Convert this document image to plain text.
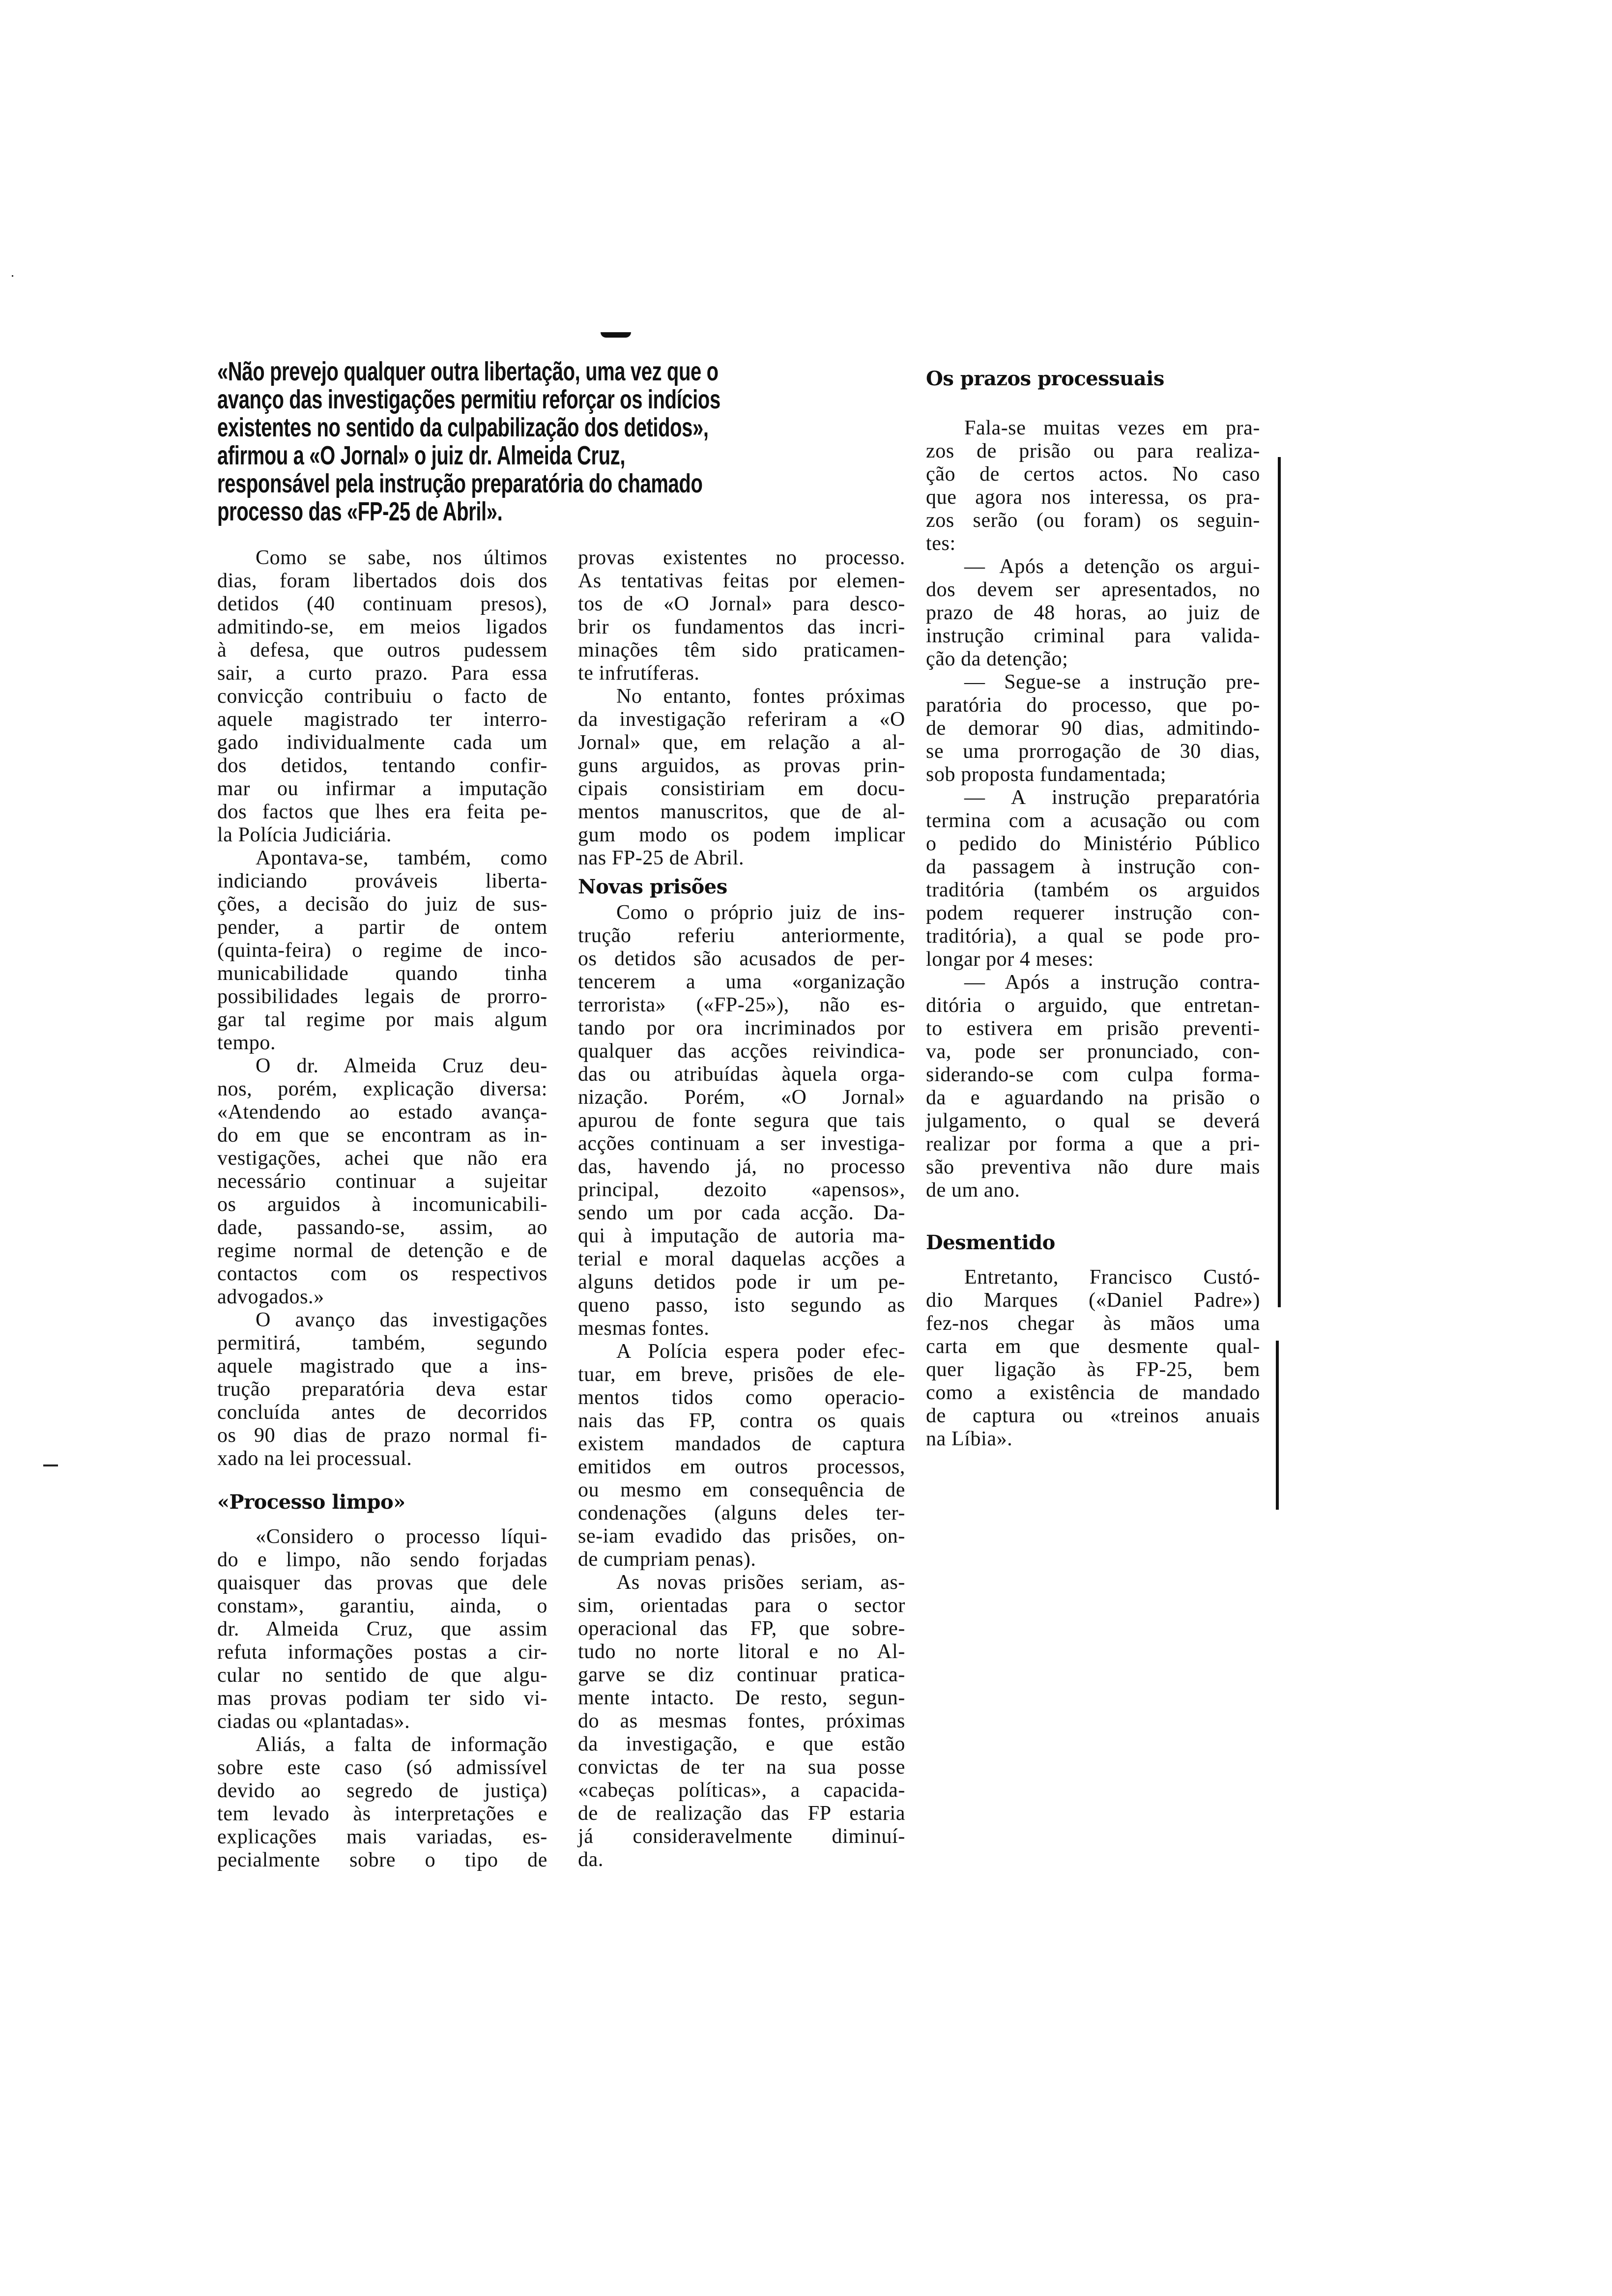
«Não prevejo qualquer outra libertação, uma vez que o
avanço das investigações permitiu reforçar os indícios
existentes no sentido da culpabilização dos detidos»,
afirmou a «O Jornal» o juiz dr. Almeida Cruz,
responsável pela instrução preparatória do chamado
processo das «FP-25 de Abril».
Como se sabe, nos últimos
dias, foram libertados dois dos
detidos (40 continuam presos),
admitindo-se, em meios ligados
à defesa, que outros pudessem
sair, a curto prazo. Para essa
convicção contribuiu o facto de
aquele magistrado ter interro-
gado individualmente cada um
dos detidos, tentando confir-
mar ou infirmar a imputação
dos factos que lhes era feita pe-
la Polícia Judiciária.
Apontava-se, também, como
indiciando prováveis liberta-
ções, a decisão do juiz de sus-
pender, a partir de ontem
(quinta-feira) o regime de inco-
municabilidade quando tinha
possibilidades legais de prorro-
gar tal regime por mais algum
tempo.
O dr. Almeida Cruz deu-
nos, porém, explicação diversa:
«Atendendo ao estado avança-
do em que se encontram as in-
vestigações, achei que não era
necessário continuar a sujeitar
os arguidos à incomunicabili-
dade, passando-se, assim, ao
regime normal de detenção e de
contactos com os respectivos
advogados.»
O avanço das investigações
permitirá, também, segundo
aquele magistrado que a ins-
trução preparatória deva estar
concluída antes de decorridos
os 90 dias de prazo normal fi-
xado na lei processual.
«Processo limpo»
«Considero o processo líqui-
do e limpo, não sendo forjadas
quaisquer das provas que dele
constam», garantiu, ainda, o
dr. Almeida Cruz, que assim
refuta informações postas a cir-
cular no sentido de que algu-
mas provas podiam ter sido vi-
ciadas ou «plantadas».
Aliás, a falta de informação
sobre este caso (só admissível
devido ao segredo de justiça)
tem levado às interpretações e
explicações mais variadas, es-
pecialmente sobre o tipo de
provas existentes no processo.
As tentativas feitas por elemen-
tos de «O Jornal» para desco-
brir os fundamentos das incri-
minações têm sido praticamen-
te infrutíferas.
No entanto, fontes próximas
da investigação referiram a «O
Jornal» que, em relação a al-
guns arguidos, as provas prin-
cipais consistiriam em docu-
mentos manuscritos, que de al-
gum modo os podem implicar
nas FP-25 de Abril.
Novas prisões
Como o próprio juiz de ins-
trução referiu anteriormente,
os detidos são acusados de per-
tencerem a uma «organização
terrorista» («FP-25»), não es-
tando por ora incriminados por
qualquer das acções reivindica-
das ou atribuídas àquela orga-
nização. Porém, «O Jornal»
apurou de fonte segura que tais
acções continuam a ser investiga-
das, havendo já, no processo
principal, dezoito «apensos»,
sendo um por cada acção. Da-
qui à imputação de autoria ma-
terial e moral daquelas acções a
alguns detidos pode ir um pe-
queno passo, isto segundo as
mesmas fontes.
A Polícia espera poder efec-
tuar, em breve, prisões de ele-
mentos tidos como operacio-
nais das FP, contra os quais
existem mandados de captura
emitidos em outros processos,
ou mesmo em consequência de
condenações (alguns deles ter-
se-iam evadido das prisões, on-
de cumpriam penas).
As novas prisões seriam, as-
sim, orientadas para o sector
operacional das FP, que sobre-
tudo no norte litoral e no Al-
garve se diz continuar pratica-
mente intacto. De resto, segun-
do as mesmas fontes, próximas
da investigação, e que estão
convictas de ter na sua posse
«cabeças políticas», a capacida-
de de realização das FP estaria
já consideravelmente diminuí-
da.
Os prazos processuais
Fala-se muitas vezes em pra-
zos de prisão ou para realiza-
ção de certos actos. No caso
que agora nos interessa, os pra-
zos serão (ou foram) os seguin-
tes:
— Após a detenção os argui-
dos devem ser apresentados, no
prazo de 48 horas, ao juiz de
instrução criminal para valida-
ção da detenção;
— Segue-se a instrução pre-
paratória do processo, que po-
de demorar 90 dias, admitindo-
se uma prorrogação de 30 dias,
sob proposta fundamentada;
— A instrução preparatória
termina com a acusação ou com
o pedido do Ministério Público
da passagem à instrução con-
traditória (também os arguidos
podem requerer instrução con-
traditória), a qual se pode pro-
longar por 4 meses:
— Após a instrução contra-
ditória o arguido, que entretan-
to estivera em prisão preventi-
va, pode ser pronunciado, con-
siderando-se com culpa forma-
da e aguardando na prisão o
julgamento, o qual se deverá
realizar por forma a que a pri-
são preventiva não dure mais
de um ano.
Desmentido
Entretanto, Francisco Custó-
dio Marques («Daniel Padre»)
fez-nos chegar às mãos uma
carta em que desmente qual-
quer ligação às FP-25, bem
como a existência de mandado
de captura ou «treinos anuais
na Líbia».
